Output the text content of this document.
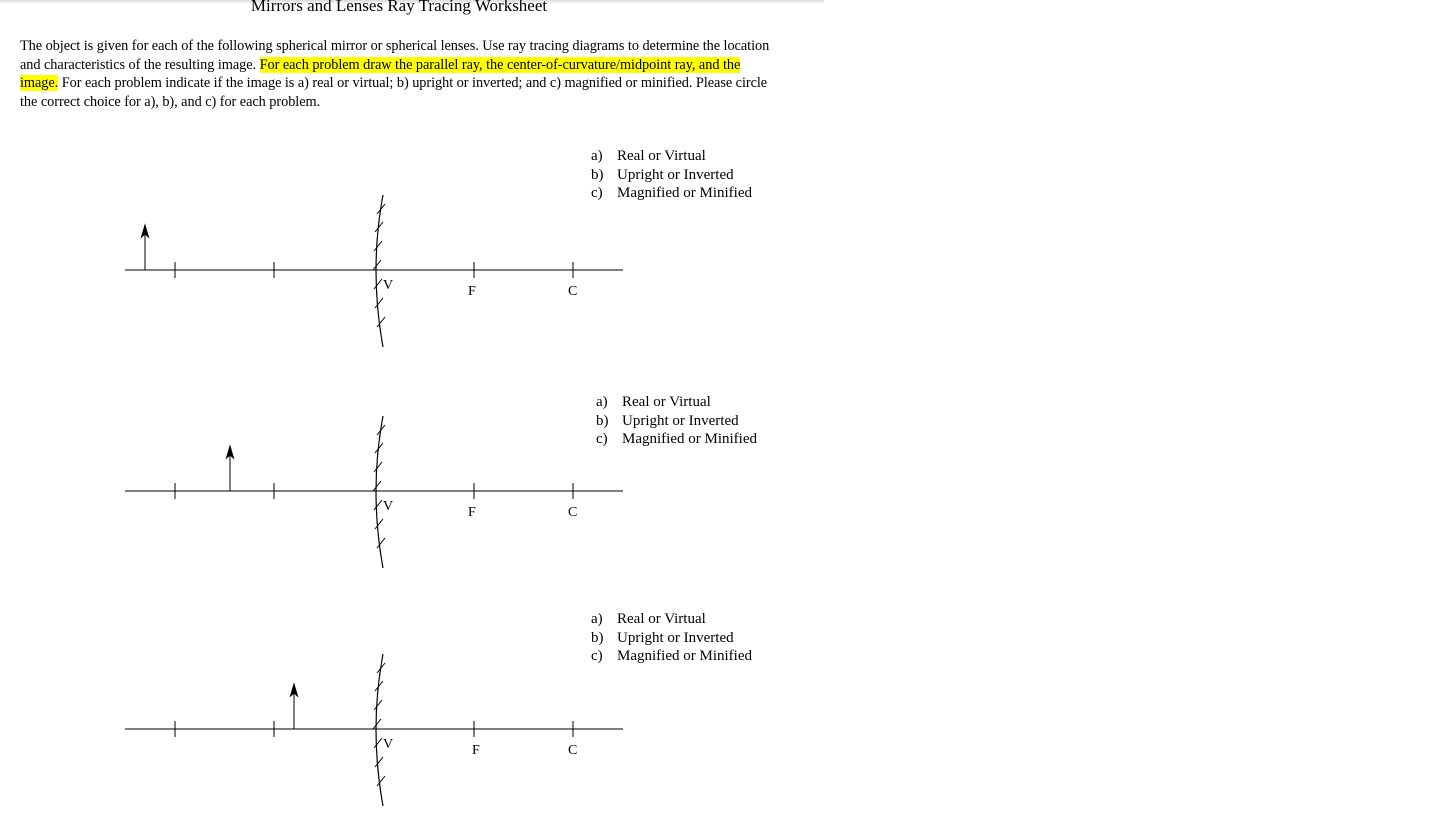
Mirrors and Lenses Ray Tracing Worksheet

The object is given for each of the following spherical mirror or spherical lenses. Use ray tracing diagrams to determine the location and characteristics of the resulting image. For each problem draw the parallel ray, the center-of-curvature/midpoint ray, and the image. For each problem indicate if the image is a) real or virtual; b) upright or inverted; and c) magnified or minified. Please circle the correct choice for a), b), and c) for each problem.

a) Real or Virtual
b) Upright or Inverted
c) Magnified or Minified
V	F	C
a) Real or Virtual
b) Upright or Inverted
c) Magnified or Minified
V	F	C
a) Real or Virtual
b) Upright or Inverted
c) Magnified or Minified
V	F	C
